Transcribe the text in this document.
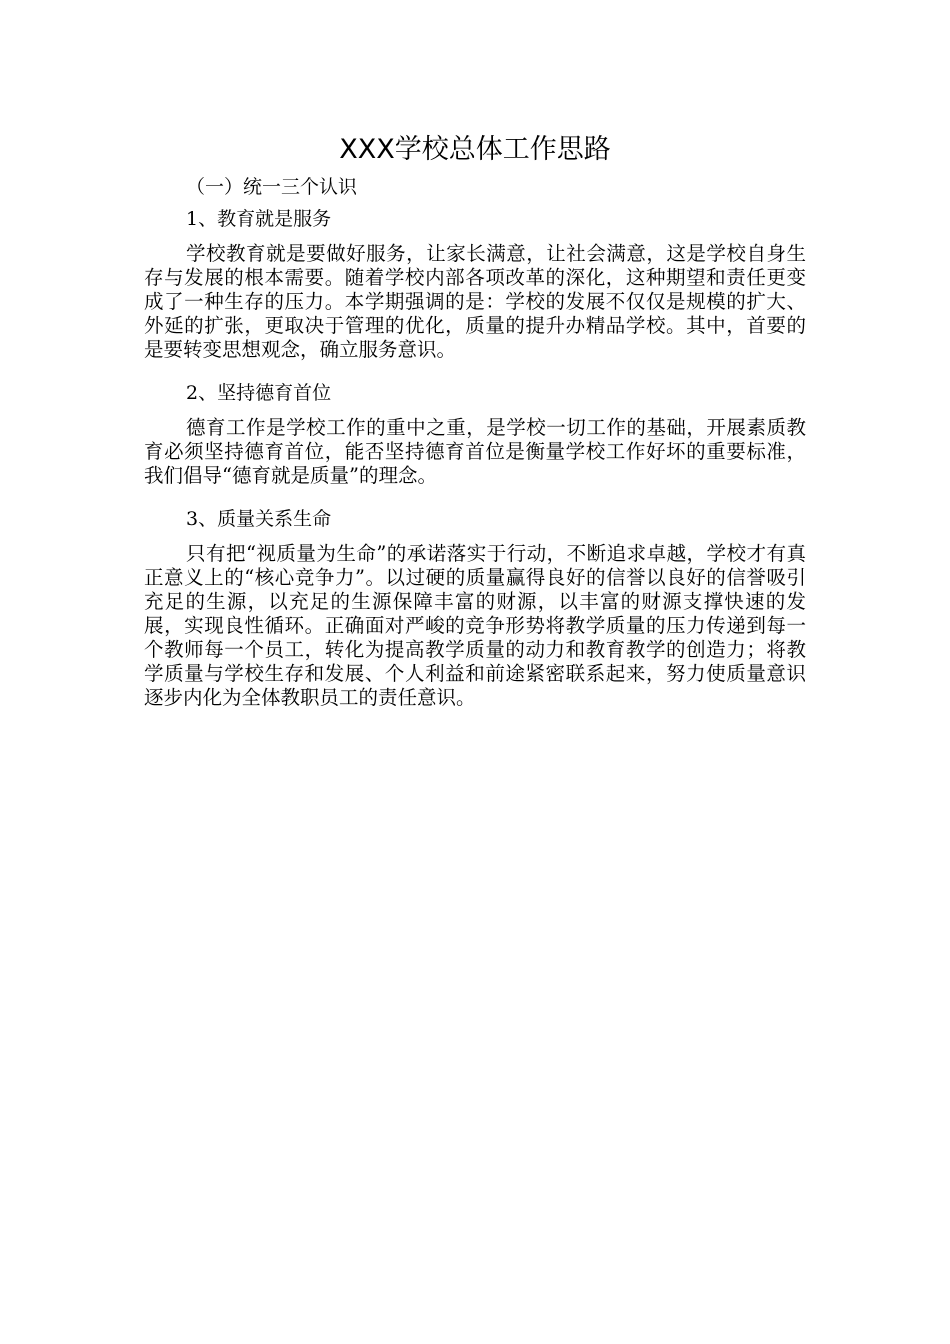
XXX学校总体工作思路

（一）统一三个认识

1、教育就是服务

学校教育就是要做好服务，让家长满意，让社会满意，这是学校自身生存与发展的根本需要。随着学校内部各项改革的深化，这种期望和责任更变成了一种生存的压力。本学期强调的是：学校的发展不仅仅是规模的扩大、外延的扩张，更取决于管理的优化，质量的提升办精品学校。其中，首要的是要转变思想观念，确立服务意识。

2、坚持德育首位

德育工作是学校工作的重中之重，是学校一切工作的基础，开展素质教育必须坚持德育首位，能否坚持德育首位是衡量学校工作好坏的重要标准，我们倡导“德育就是质量”的理念。

3、质量关系生命

只有把“视质量为生命”的承诺落实于行动，不断追求卓越，学校才有真正意义上的“核心竞争力”。以过硬的质量赢得良好的信誉以良好的信誉吸引充足的生源，以充足的生源保障丰富的财源，以丰富的财源支撑快速的发展，实现良性循环。正确面对严峻的竞争形势将教学质量的压力传递到每一个教师每一个员工，转化为提高教学质量的动力和教育教学的创造力；将教学质量与学校生存和发展、个人利益和前途紧密联系起来，努力使质量意识逐步内化为全体教职员工的责任意识。
